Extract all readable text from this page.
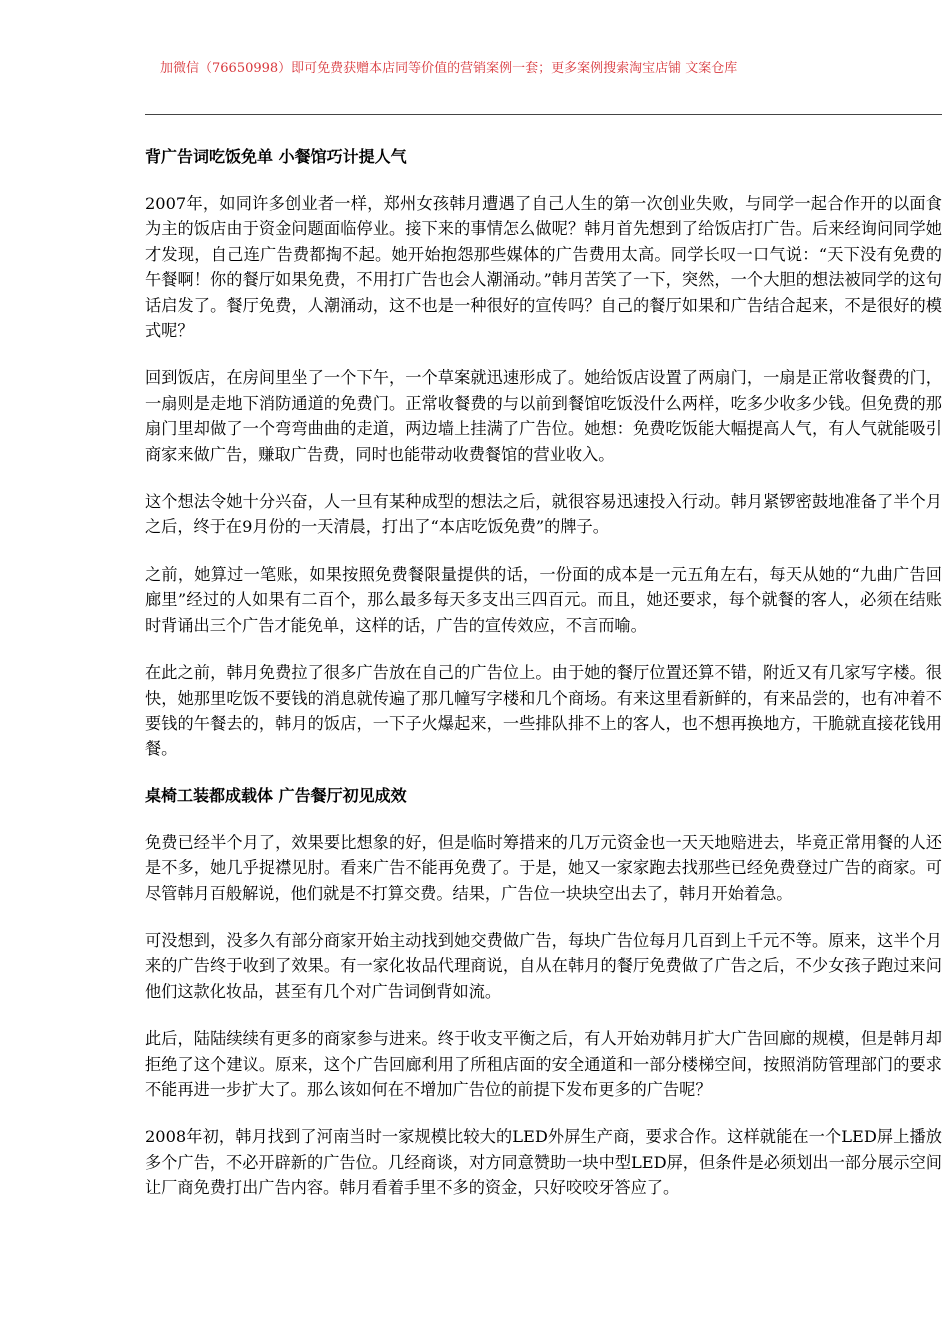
加微信（76650998）即可免费获赠本店同等价值的营销案例一套；更多案例搜索淘宝店铺 文案仓库
背广告词吃饭免单 小餐馆巧计提人气
2007年，如同许多创业者一样，郑州女孩韩月遭遇了自己人生的第一次创业失败，与同学一起合作开的以面食为主的饭店由于资金问题面临停业。接下来的事情怎么做呢？韩月首先想到了给饭店打广告。后来经询问同学她才发现，自己连广告费都掏不起。她开始抱怨那些媒体的广告费用太高。同学长叹一口气说：“天下没有免费的午餐啊！你的餐厅如果免费，不用打广告也会人潮涌动。”韩月苦笑了一下，突然，一个大胆的想法被同学的这句话启发了。餐厅免费，人潮涌动，这不也是一种很好的宣传吗？自己的餐厅如果和广告结合起来，不是很好的模式呢？
回到饭店，在房间里坐了一个下午，一个草案就迅速形成了。她给饭店设置了两扇门，一扇是正常收餐费的门，一扇则是走地下消防通道的免费门。正常收餐费的与以前到餐馆吃饭没什么两样，吃多少收多少钱。但免费的那扇门里却做了一个弯弯曲曲的走道，两边墙上挂满了广告位。她想：免费吃饭能大幅提高人气，有人气就能吸引商家来做广告，赚取广告费，同时也能带动收费餐馆的营业收入。
这个想法令她十分兴奋，人一旦有某种成型的想法之后，就很容易迅速投入行动。韩月紧锣密鼓地准备了半个月之后，终于在9月份的一天清晨，打出了“本店吃饭免费”的牌子。
之前，她算过一笔账，如果按照免费餐限量提供的话，一份面的成本是一元五角左右，每天从她的“九曲广告回廊里”经过的人如果有二百个，那么最多每天多支出三四百元。而且，她还要求，每个就餐的客人，必须在结账时背诵出三个广告才能免单，这样的话，广告的宣传效应，不言而喻。
在此之前，韩月免费拉了很多广告放在自己的广告位上。由于她的餐厅位置还算不错，附近又有几家写字楼。很快，她那里吃饭不要钱的消息就传遍了那几幢写字楼和几个商场。有来这里看新鲜的，有来品尝的，也有冲着不要钱的午餐去的，韩月的饭店，一下子火爆起来，一些排队排不上的客人，也不想再换地方，干脆就直接花钱用餐。
桌椅工装都成载体 广告餐厅初见成效
免费已经半个月了，效果要比想象的好，但是临时筹措来的几万元资金也一天天地赔进去，毕竟正常用餐的人还是不多，她几乎捉襟见肘。看来广告不能再免费了。于是，她又一家家跑去找那些已经免费登过广告的商家。可尽管韩月百般解说，他们就是不打算交费。结果，广告位一块块空出去了，韩月开始着急。
可没想到，没多久有部分商家开始主动找到她交费做广告，每块广告位每月几百到上千元不等。原来，这半个月来的广告终于收到了效果。有一家化妆品代理商说，自从在韩月的餐厅免费做了广告之后，不少女孩子跑过来问他们这款化妆品，甚至有几个对广告词倒背如流。
此后，陆陆续续有更多的商家参与进来。终于收支平衡之后，有人开始劝韩月扩大广告回廊的规模，但是韩月却拒绝了这个建议。原来，这个广告回廊利用了所租店面的安全通道和一部分楼梯空间，按照消防管理部门的要求不能再进一步扩大了。那么该如何在不增加广告位的前提下发布更多的广告呢？
2008年初，韩月找到了河南当时一家规模比较大的LED外屏生产商，要求合作。这样就能在一个LED屏上播放多个广告，不必开辟新的广告位。几经商谈，对方同意赞助一块中型LED屏，但条件是必须划出一部分展示空间让厂商免费打出广告内容。韩月看着手里不多的资金，只好咬咬牙答应了。
